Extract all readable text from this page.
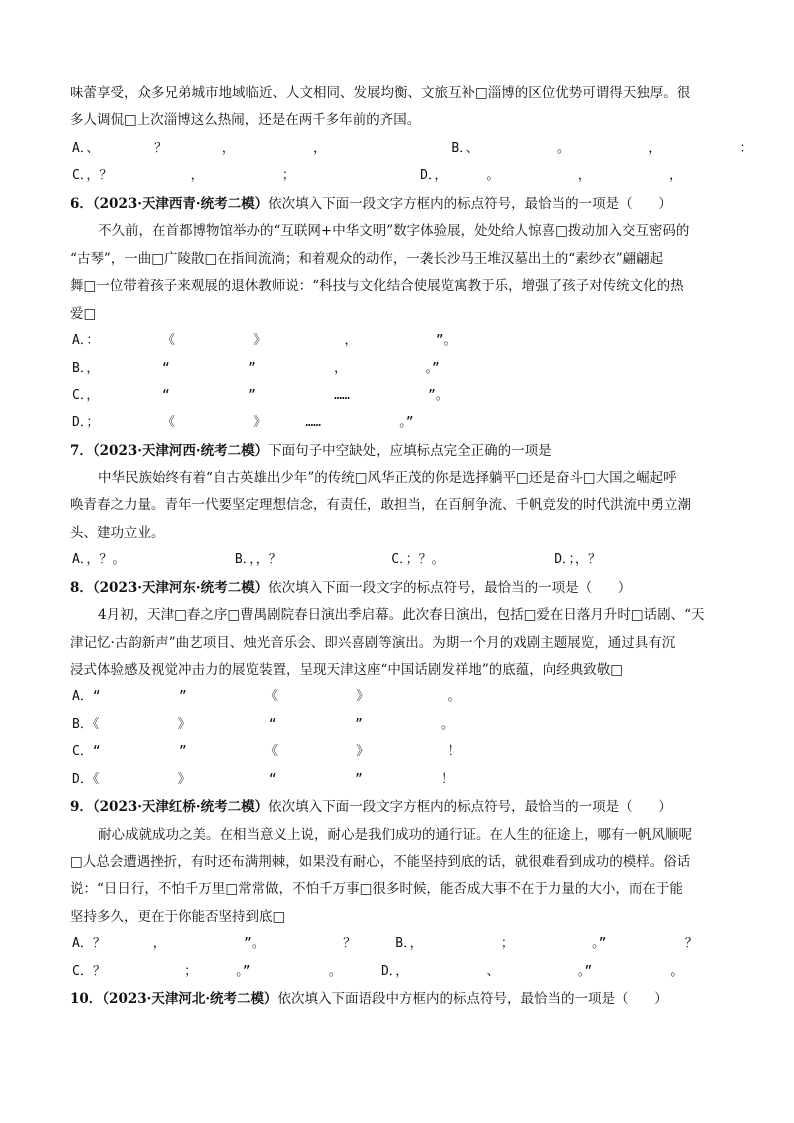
味蕾享受，众多兄弟城市地域临近、人文相同、发展均衡、文旅互补□淄博的区位优势可谓得天独厚。很
多人调侃□上次淄博这么热闹，还是在两千多年前的齐国。
A．、       ？       ，          ，                B．、          。          ，          ：
C．，？          ，          ；                D．，     。          ，          ，
6．（2023·天津西青·统考二模）依次填入下面一段文字方框内的标点符号，最恰当的一项是（      ）
不久前，在首都博物馆举办的“互联网+中华文明”数字体验展，处处给人惊喜□拨动加入交互密码的
“古琴”，一曲□广陵散□在指间流淌；和着观众的动作，一袭长沙马王堆汉墓出土的“素纱衣”翩翩起
舞□一位带着孩子来观展的退休教师说：“科技与文化结合使展览寓教于乐，增强了孩子对传统文化的热
爱□
A．：        《          》          ，          ”。
B．，        “          ”          ，          。”
C．，        “          ”          ……          ”。
D．；        《          》     ……          。”
7．（2023·天津河西·统考二模）下面句子中空缺处，应填标点完全正确的一项是
中华民族始终有着“自古英雄出少年”的传统□风华正茂的你是选择躺平□还是奋斗□大国之崛起呼
唤青春之力量。青年一代要坚定理想信念，有责任，敢担当，在百舸争流、千帆竞发的时代洪流中勇立潮
头、建功立业。
A．，？。              B．，，？              C．；？。              D．；，？
8．（2023·天津河东·统考二模）依次填入下面一段文字的标点符号，最恰当的一项是（      ）
4月初，天津□春之序□曹禺剧院春日演出季启幕。此次春日演出，包括□爱在日落月升时□话剧、“天
津记忆·古韵新声”曲艺项目、烛光音乐会、即兴喜剧等演出。为期一个月的戏剧主题展览，通过具有沉
浸式体验感及视觉冲击力的展览装置，呈现天津这座“中国话剧发祥地”的底蕴，向经典致敬□
A．“          ”          《          》          。
B．《          》          “          ”          。
C．“          ”          《          》          ！
D．《          》          “          ”          ！
9．（2023·天津红桥·统考二模）依次填入下面一段文字方框内的标点符号，最恰当的一项是（      ）
耐心成就成功之美。在相当意义上说，耐心是我们成功的通行证。在人生的征途上，哪有一帆风顺呢
□人总会遭遇挫折，有时还布满荆棘，如果没有耐心，不能坚持到底的话，就很难看到成功的模样。俗话
说：“日日行，不怕千万里□常常做，不怕千万事□很多时候，能否成大事不在于力量的大小，而在于能
坚持多久，更在于你能否坚持到底□
A．？      ，          ”。          ？     B．，          ；          。”          ？
C．？          ；     。”          。     D．，          、          。”          。
10．（2023·天津河北·统考二模）依次填入下面语段中方框内的标点符号，最恰当的一项是（      ）
